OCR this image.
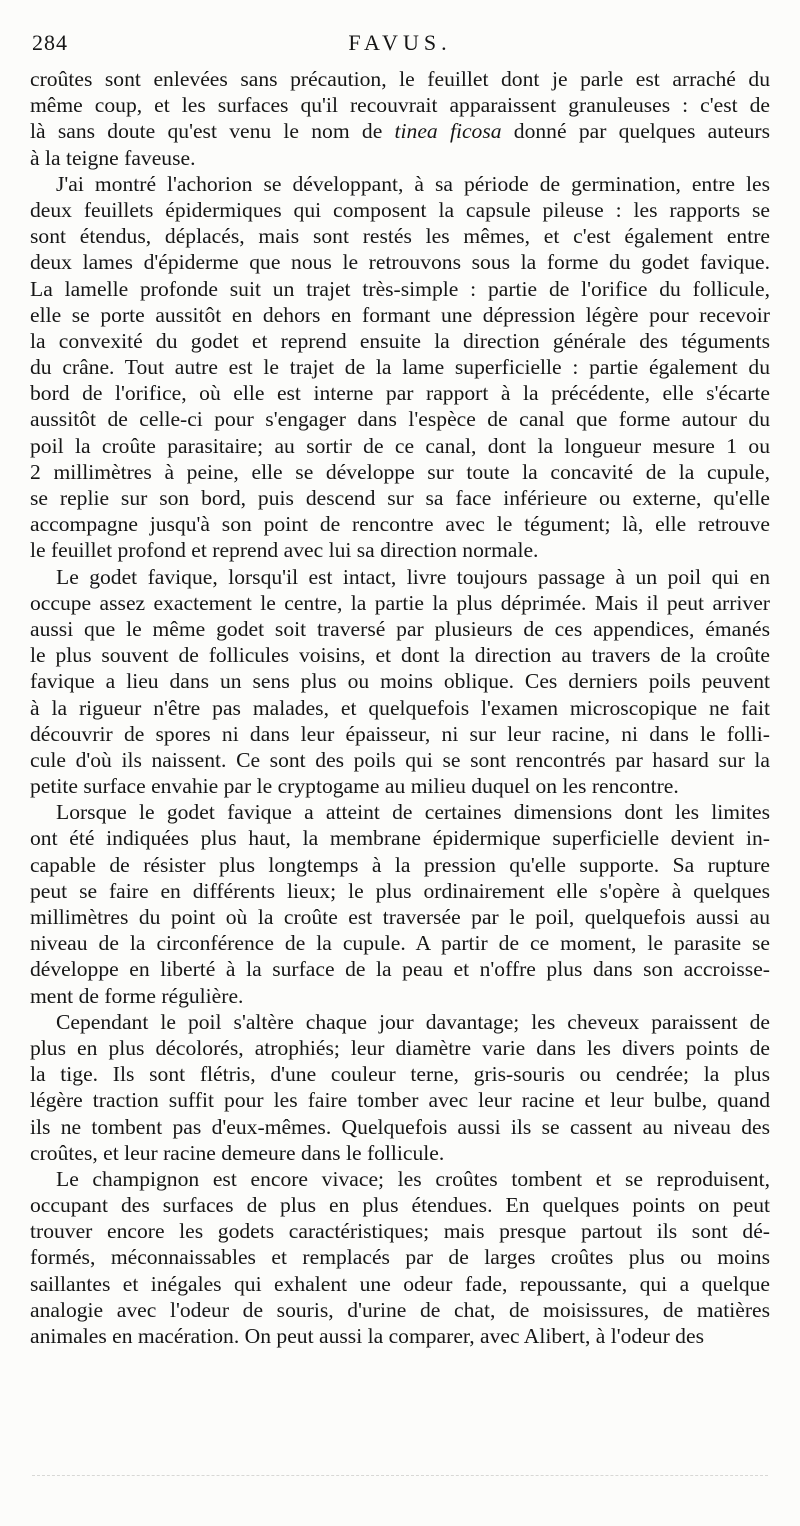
284	FAVUS.
croûtes sont enlevées sans précaution, le feuillet dont je parle est arraché du
même coup, et les surfaces qu'il recouvrait apparaissent granuleuses : c'est de
là sans doute qu'est venu le nom de tinea ficosa donné par quelques auteurs
à la teigne faveuse.
J'ai montré l'achorion se développant, à sa période de germination, entre les
deux feuillets épidermiques qui composent la capsule pileuse : les rapports se
sont étendus, déplacés, mais sont restés les mêmes, et c'est également entre
deux lames d'épiderme que nous le retrouvons sous la forme du godet favique.
La lamelle profonde suit un trajet très-simple : partie de l'orifice du follicule,
elle se porte aussitôt en dehors en formant une dépression légère pour recevoir
la convexité du godet et reprend ensuite la direction générale des téguments
du crâne. Tout autre est le trajet de la lame superficielle : partie également du
bord de l'orifice, où elle est interne par rapport à la précédente, elle s'écarte
aussitôt de celle-ci pour s'engager dans l'espèce de canal que forme autour du
poil la croûte parasitaire; au sortir de ce canal, dont la longueur mesure 1 ou
2 millimètres à peine, elle se développe sur toute la concavité de la cupule,
se replie sur son bord, puis descend sur sa face inférieure ou externe, qu'elle
accompagne jusqu'à son point de rencontre avec le tégument; là, elle retrouve
le feuillet profond et reprend avec lui sa direction normale.
Le godet favique, lorsqu'il est intact, livre toujours passage à un poil qui en
occupe assez exactement le centre, la partie la plus déprimée. Mais il peut arriver
aussi que le même godet soit traversé par plusieurs de ces appendices, émanés
le plus souvent de follicules voisins, et dont la direction au travers de la croûte
favique a lieu dans un sens plus ou moins oblique. Ces derniers poils peuvent
à la rigueur n'être pas malades, et quelquefois l'examen microscopique ne fait
découvrir de spores ni dans leur épaisseur, ni sur leur racine, ni dans le folli-
cule d'où ils naissent. Ce sont des poils qui se sont rencontrés par hasard sur la
petite surface envahie par le cryptogame au milieu duquel on les rencontre.
Lorsque le godet favique a atteint de certaines dimensions dont les limites
ont été indiquées plus haut, la membrane épidermique superficielle devient in-
capable de résister plus longtemps à la pression qu'elle supporte. Sa rupture
peut se faire en différents lieux; le plus ordinairement elle s'opère à quelques
millimètres du point où la croûte est traversée par le poil, quelquefois aussi au
niveau de la circonférence de la cupule. A partir de ce moment, le parasite se
développe en liberté à la surface de la peau et n'offre plus dans son accroisse-
ment de forme régulière.
Cependant le poil s'altère chaque jour davantage; les cheveux paraissent de
plus en plus décolorés, atrophiés; leur diamètre varie dans les divers points de
la tige. Ils sont flétris, d'une couleur terne, gris-souris ou cendrée; la plus
légère traction suffit pour les faire tomber avec leur racine et leur bulbe, quand
ils ne tombent pas d'eux-mêmes. Quelquefois aussi ils se cassent au niveau des
croûtes, et leur racine demeure dans le follicule.
Le champignon est encore vivace; les croûtes tombent et se reproduisent,
occupant des surfaces de plus en plus étendues. En quelques points on peut
trouver encore les godets caractéristiques; mais presque partout ils sont dé-
formés, méconnaissables et remplacés par de larges croûtes plus ou moins
saillantes et inégales qui exhalent une odeur fade, repoussante, qui a quelque
analogie avec l'odeur de souris, d'urine de chat, de moisissures, de matières
animales en macération. On peut aussi la comparer, avec Alibert, à l'odeur des
